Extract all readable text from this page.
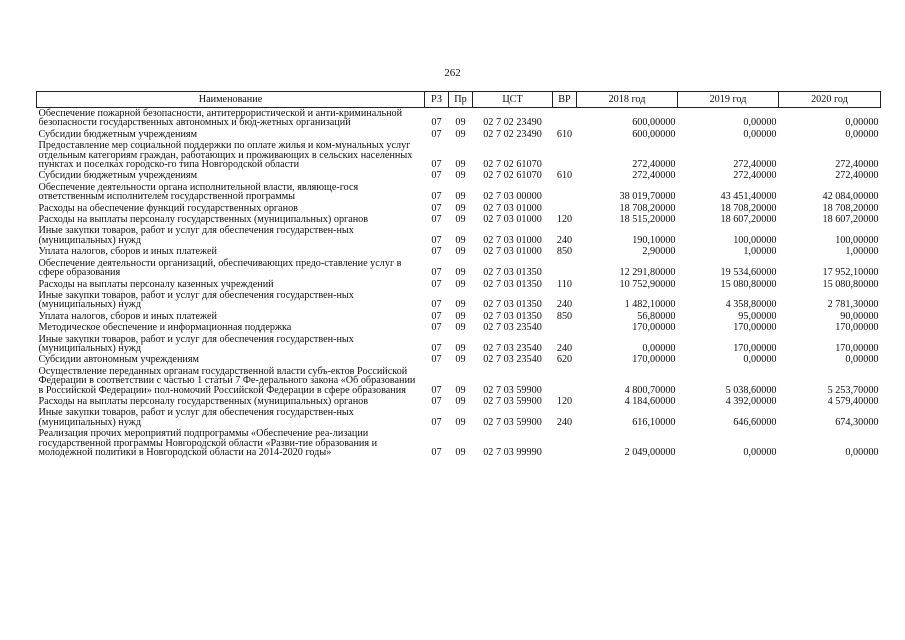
262
Наименование	РЗ	Пр	ЦСТ	ВР	2018 год	2019 год	2020 год
Обеспечение пожарной безопасности, антитеррористической и анти-криминальной безопасности государственных автономных и бюд-жетных организаций	07	09	02 7 02 23490		600,00000	0,00000	0,00000
Субсидии бюджетным учреждениям	07	09	02 7 02 23490	610	600,00000	0,00000	0,00000
Предоставление мер социальной поддержки по оплате жилья и ком-мунальных услуг отдельным категориям граждан, работающих и проживающих в сельских населенных пунктах и поселках городско-го типа Новгородской области	07	09	02 7 02 61070		272,40000	272,40000	272,40000
Субсидии бюджетным учреждениям	07	09	02 7 02 61070	610	272,40000	272,40000	272,40000
Обеспечение деятельности органа исполнительной власти, являюще-гося ответственным исполнителем государственной программы	07	09	02 7 03 00000		38 019,70000	43 451,40000	42 084,00000
Расходы на обеспечение функций государственных органов	07	09	02 7 03 01000		18 708,20000	18 708,20000	18 708,20000
Расходы на выплаты персоналу государственных (муниципальных) органов	07	09	02 7 03 01000	120	18 515,20000	18 607,20000	18 607,20000
Иные закупки товаров, работ и услуг для обеспечения государствен-ных (муниципальных) нужд	07	09	02 7 03 01000	240	190,10000	100,00000	100,00000
Уплата налогов, сборов и иных платежей	07	09	02 7 03 01000	850	2,90000	1,00000	1,00000
Обеспечение деятельности организаций, обеспечивающих предо-ставление услуг в сфере образования	07	09	02 7 03 01350		12 291,80000	19 534,60000	17 952,10000
Расходы на выплаты персоналу казенных учреждений	07	09	02 7 03 01350	110	10 752,90000	15 080,80000	15 080,80000
Иные закупки товаров, работ и услуг для обеспечения государствен-ных (муниципальных) нужд	07	09	02 7 03 01350	240	1 482,10000	4 358,80000	2 781,30000
Уплата налогов, сборов и иных платежей	07	09	02 7 03 01350	850	56,80000	95,00000	90,00000
Методическое обеспечение и информационная поддержка	07	09	02 7 03 23540		170,00000	170,00000	170,00000
Иные закупки товаров, работ и услуг для обеспечения государствен-ных (муниципальных) нужд	07	09	02 7 03 23540	240	0,00000	170,00000	170,00000
Субсидии автономным учреждениям	07	09	02 7 03 23540	620	170,00000	0,00000	0,00000
Осуществление переданных органам государственной власти субъ-ектов Российской Федерации в соответствии с частью 1 статьи 7 Фе-дерального закона «Об образовании в Российской Федерации» пол-номочий Российской Федерации в сфере образования	07	09	02 7 03 59900		4 800,70000	5 038,60000	5 253,70000
Расходы на выплаты персоналу государственных (муниципальных) органов	07	09	02 7 03 59900	120	4 184,60000	4 392,00000	4 579,40000
Иные закупки товаров, работ и услуг для обеспечения государствен-ных (муниципальных) нужд	07	09	02 7 03 59900	240	616,10000	646,60000	674,30000
Реализация прочих мероприятий подпрограммы «Обеспечение реа-лизации государственной программы Новгородской области «Разви-тие образования и молодежной политики в Новгородской области на 2014-2020 годы»	07	09	02 7 03 99990		2 049,00000	0,00000	0,00000
